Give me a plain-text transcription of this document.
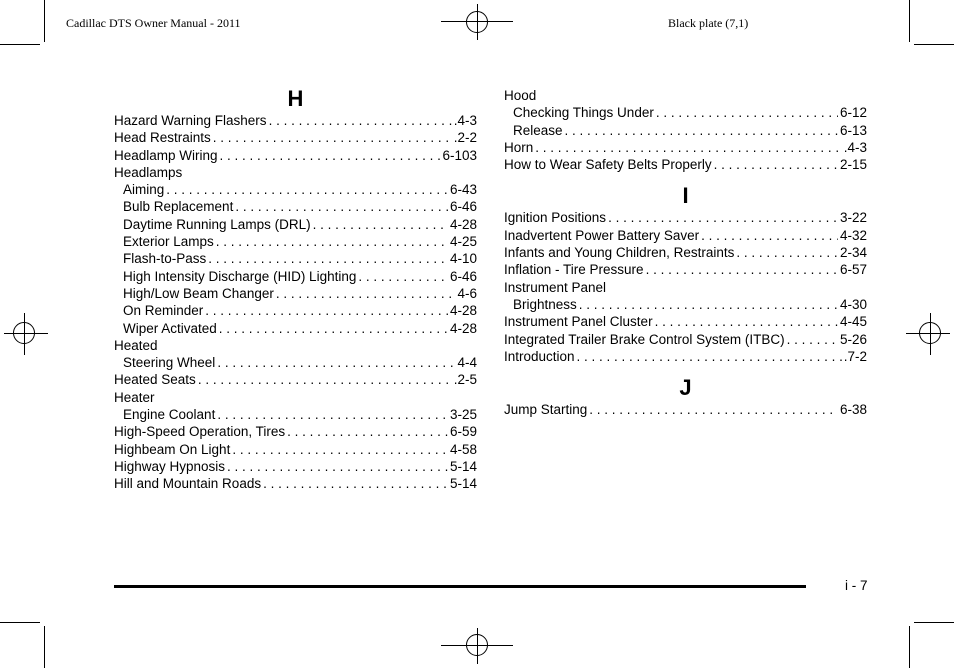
Cadillac DTS Owner Manual - 2011	Black plate (7,1)
H
Hazard Warning Flashers . . .	.4-3
Head Restraints . . .	.2-2
Headlamp Wiring . . .	6-103
Headlamps
Aiming . . .	6-43
Bulb Replacement . . .	6-46
Daytime Running Lamps (DRL) . . .	4-28
Exterior Lamps . . .	4-25
Flash-to-Pass . . .	4-10
High Intensity Discharge (HID) Lighting . . .	6-46
High/Low Beam Changer . . .	4-6
On Reminder . . .	4-28
Wiper Activated . . .	4-28
Heated
Steering Wheel . . .	4-4
Heated Seats . . .	.2-5
Heater
Engine Coolant . . .	3-25
High-Speed Operation, Tires . . .	6-59
Highbeam On Light . . .	4-58
Highway Hypnosis . . .	5-14
Hill and Mountain Roads . . .	5-14
Hood
Checking Things Under . . .	6-12
Release . . .	6-13
Horn . . .	.4-3
How to Wear Safety Belts Properly . . .	2-15
I
Ignition Positions . . .	3-22
Inadvertent Power Battery Saver . . .	4-32
Infants and Young Children, Restraints . . .	2-34
Inflation - Tire Pressure . . .	6-57
Instrument Panel
Brightness . . .	4-30
Instrument Panel Cluster . . .	4-45
Integrated Trailer Brake Control System (ITBC) . . .	5-26
Introduction . . .	.7-2
J
Jump Starting . . .	6-38
i - 7
